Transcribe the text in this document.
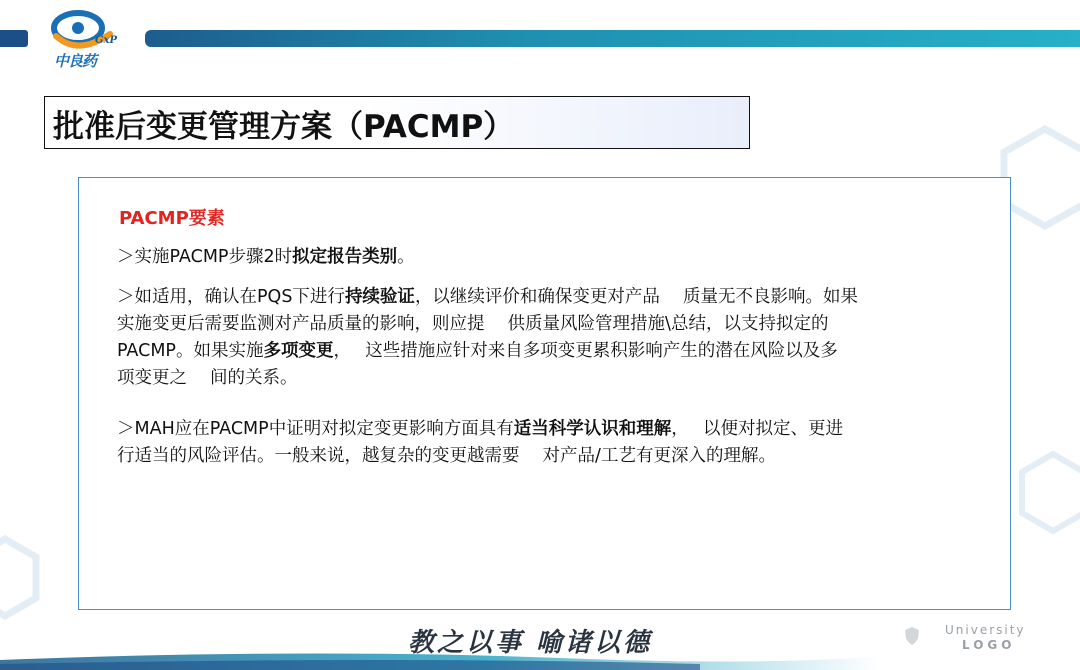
GxP
中良药
批准后变更管理方案（PACMP）
PACMP要素
＞实施PACMP步骤2时拟定报告类别。
＞如适用，确认在PQS下进行持续验证，以继续评价和确保变更对产品　 质量无不良影响。如果
实施变更后需要监测对产品质量的影响，则应提　 供质量风险管理措施\总结，以支持拟定的
PACMP。如果实施多项变更，　 这些措施应针对来自多项变更累积影响产生的潜在风险以及多
项变更之　 间的关系。
＞MAH应在PACMP中证明对拟定变更影响方面具有适当科学认识和理解，　 以便对拟定、更进
行适当的风险评估。一般来说，越复杂的变更越需要　 对产品/工艺有更深入的理解。
教之以事 喻诸以德	University
LOGO
